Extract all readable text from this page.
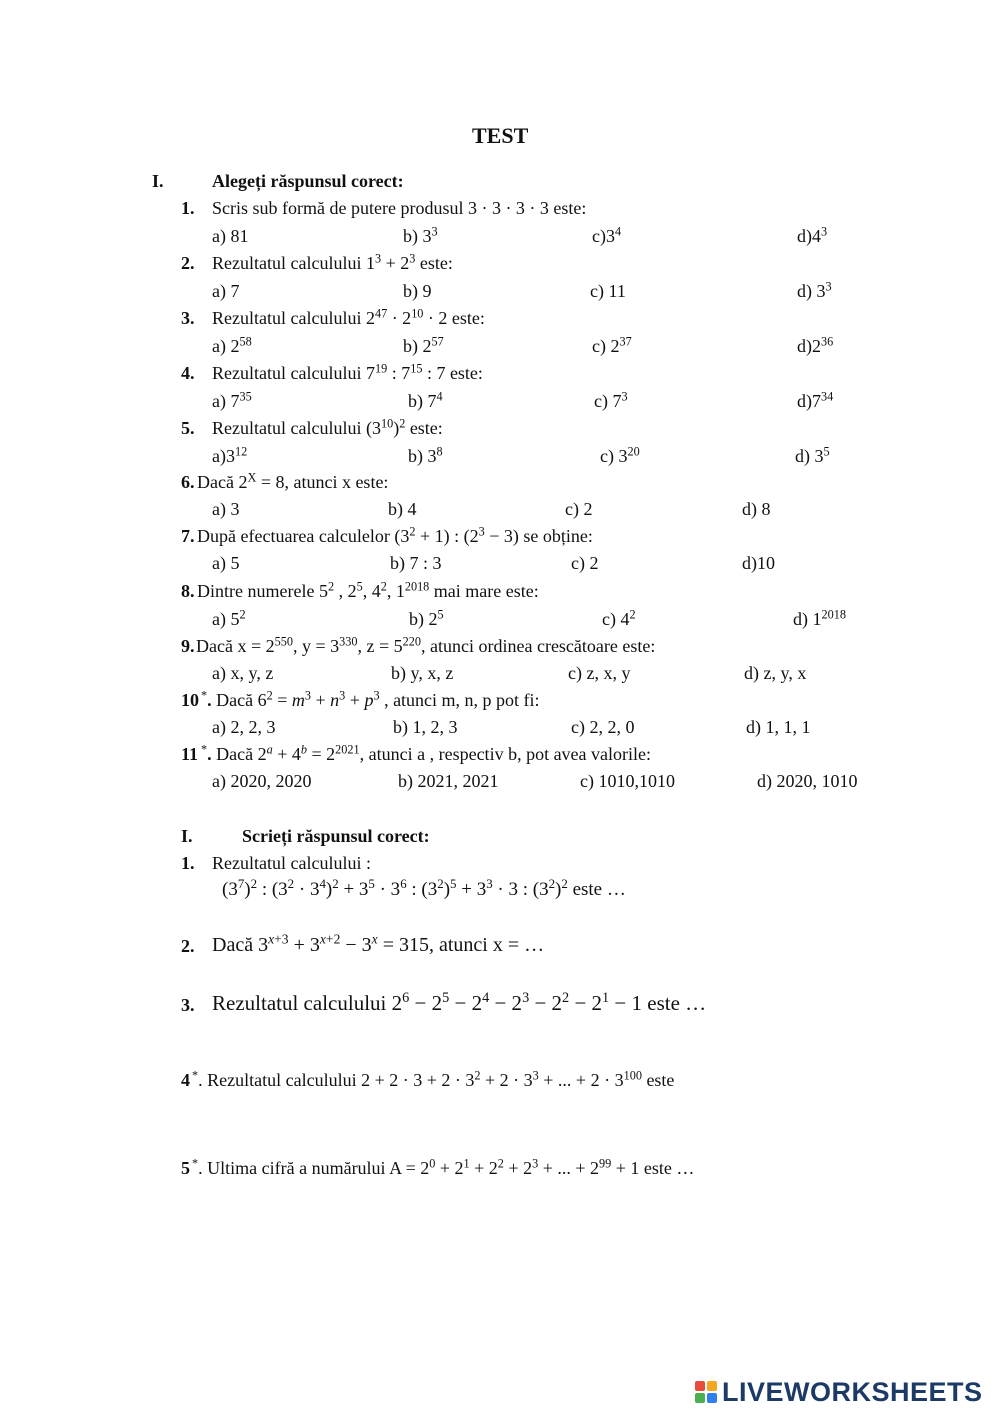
TEST
I.	Alegeți răspunsul corect:
1. Scris sub formă de putere produsul 3 · 3 · 3 · 3 este:
a) 81	b) $3^3$	$c)3^4$	$d)4^3$
2. Rezultatul calculului $1^3 + 2^3$ este:
a) 7	b) 9	c) 11	d) $3^3$
3. Rezultatul calculului $2^{47} \cdot 2^{10} \cdot 2$ este:
a) $2^{58}$	b) $2^{57}$	c) $2^{37}$	$d)2^{36}$
4. Rezultatul calculului $7^{19}$ : $7^{15}$ : 7 este:
a) $7^{35}$	b) $7^4$	c) $7^3$	$d)7^{34}$
5. Rezultatul calculului $(3^{10})^2$ este:
$a)3^{12}$	b) $3^8$	c) $3^{20}$	d) $3^5$
6. Dacă $2^X = 8$, atunci x este:
a) 3	b) 4	c) 2	d) 8
7. După efectuarea calculelor $(3^2 + 1)$ : $(2^3 - 3)$ se obține:
a) 5	b) 7 : 3	c) 2	d)10
8. Dintre numerele $5^2$ , $2^5$, $4^2$, $1^{2018}$ mai mare este:
a) $5^2$	b) $2^5$	c) $4^2$	d) $1^{2018}$
9. Dacă $x = 2^{550}$, $y = 3^{330}$, $z = 5^{220}$, atunci ordinea crescătoare este:
a) x, y, z	b) y, x, z	c) z, x, y	d) z, y, x
10 *. Dacă $6^2 = m^3 + n^3 + p^3$ , atunci m, n, p pot fi:
a) 2, 2, 3	b) 1, 2, 3	c) 2, 2, 0	d) 1, 1, 1
11 *. Dacă $2^a + 4^b = 2^{2021}$, atunci a , respectiv b, pot avea valorile:
a) 2020, 2020	b) 2021, 2021	c) 1010,1010	d) 2020, 1010
I.	Scrieți răspunsul corect:
1. Rezultatul calculului :
$(3^7)^2$ : $(3^2 \cdot 3^4)^2 + 3^5 \cdot 3^6$ : $(3^2)^5 + 3^3 \cdot 3$ : $(3^2)^2$ este …
2. Dacă $3^{x+3} + 3^{x+2} - 3^x = 315$, atunci x = …
3. Rezultatul calculului $2^6 - 2^5 - 2^4 - 2^3 - 2^2 - 2^1 - 1$ este …
4 *. Rezultatul calculului $2 + 2 \cdot 3 + 2 \cdot 3^2 + 2 \cdot 3^3$ + ... + $2 \cdot 3^{100}$ este
5 *. Ultima cifră a numărului $A = 2^0 + 2^1 + 2^2 + 2^3$ + ... + $2^{99} + 1$ este …
LIVEWORKSHEETS
